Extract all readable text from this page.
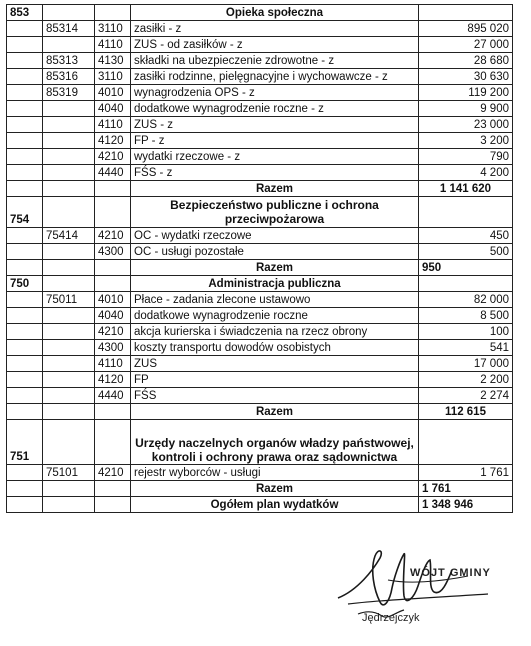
853			Opieka społeczna	
	85314	3110	zasiłki - z	895 020
		4110	ZUS - od zasiłków - z	27 000
	85313	4130	składki na ubezpieczenie zdrowotne - z	28 680
	85316	3110	zasiłki rodzinne, pielęgnacyjne i wychowawcze - z	30 630
	85319	4010	wynagrodzenia OPS - z	119 200
		4040	dodatkowe wynagrodzenie roczne - z	9 900
		4110	ZUS - z	23 000
		4120	FP - z	3 200
		4210	wydatki rzeczowe - z	790
		4440	FŚS - z	4 200
			Razem	1 141 620
754			Bezpieczeństwo publiczne i ochrona przeciwpożarowa	
	75414	4210	OC - wydatki rzeczowe	450
		4300	OC - usługi pozostałe	500
			Razem	950
750			Administracja publiczna	
	75011	4010	Płace - zadania zlecone ustawowo	82 000
		4040	dodatkowe wynagrodzenie roczne	8 500
		4210	akcja kurierska i świadczenia na rzecz obrony	100
		4300	koszty transportu dowodów osobistych	541
		4110	ZUS	17 000
		4120	FP	2 200
		4440	FŚS	2 274
			Razem	112 615
751			Urzędy naczelnych organów władzy państwowej, kontroli i ochrony prawa oraz sądownictwa	
	75101	4210	rejestr wyborców - usługi	1 761
			Razem	1 761
			Ogółem plan wydatków	1 348 946
WÓJT GMINY
Jędrzejczyk
